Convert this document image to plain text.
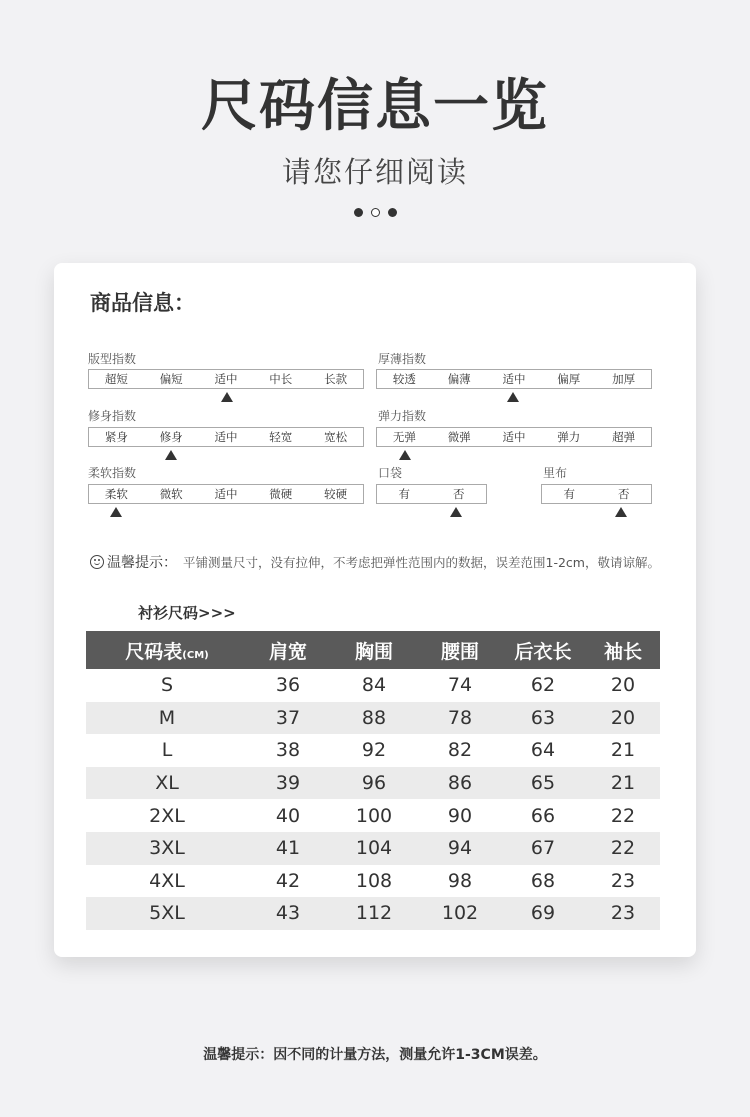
尺码信息一览
请您仔细阅读
商品信息：
版型指数
超短	偏短	适中	中长	长款
厚薄指数
较透	偏薄	适中	偏厚	加厚
修身指数
紧身	修身	适中	轻宽	宽松
弹力指数
无弹	微弹	适中	弹力	超弹
柔软指数
柔软	微软	适中	微硬	较硬
口袋
有	否
里布
有	否
温馨提示： 平铺测量尺寸，没有拉伸，不考虑把弹性范围内的数据，误差范围1-2cm，敬请谅解。
衬衫尺码>>>
尺码表(CM)	肩宽	胸围	腰围	后衣长	袖长
S	36	84	74	62	20
M	37	88	78	63	20
L	38	92	82	64	21
XL	39	96	86	65	21
2XL	40	100	90	66	22
3XL	41	104	94	67	22
4XL	42	108	98	68	23
5XL	43	112	102	69	23
温馨提示：因不同的计量方法，测量允许1-3CM误差。
